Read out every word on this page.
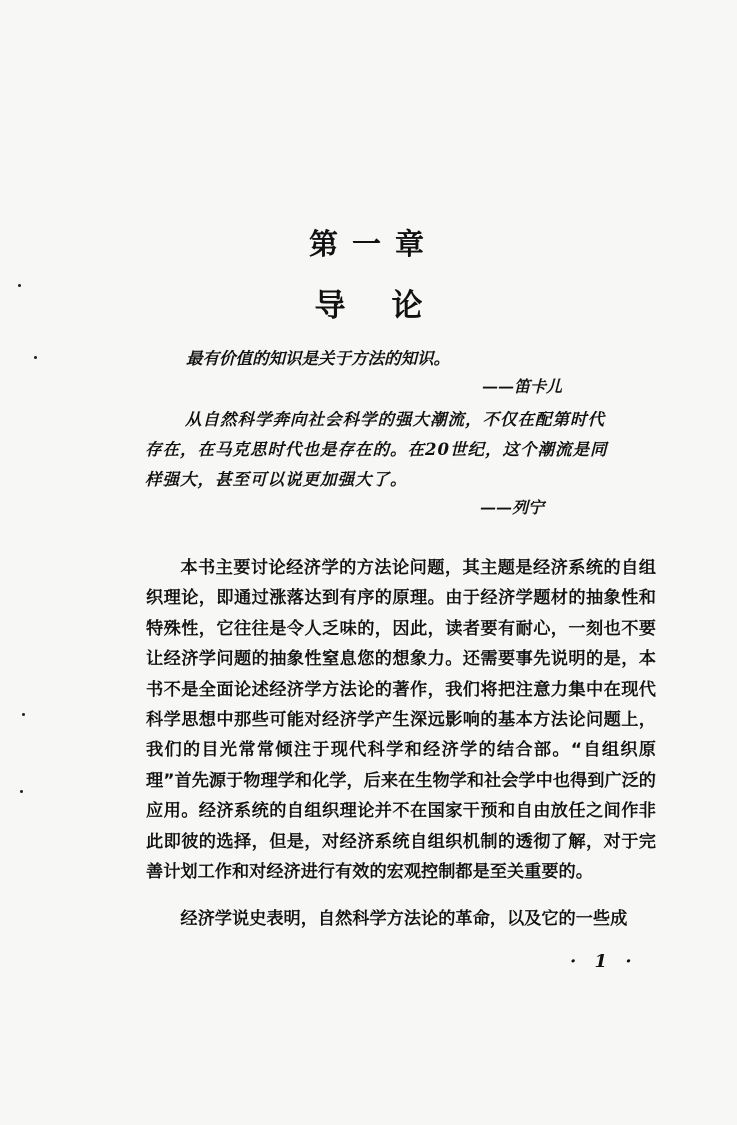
第一章
导论
最有价值的知识是关于方法的知识。
——笛卡儿
从自然科学奔向社会科学的强大潮流，不仅在配第时代存在，在马克思时代也是存在的。在20世纪，这个潮流是同样强大，甚至可以说更加强大了。
——列宁
本书主要讨论经济学的方法论问题，其主题是经济系统的自组织理论，即通过涨落达到有序的原理。由于经济学题材的抽象性和特殊性，它往往是令人乏味的，因此，读者要有耐心，一刻也不要让经济学问题的抽象性窒息您的想象力。还需要事先说明的是，本书不是全面论述经济学方法论的著作，我们将把注意力集中在现代科学思想中那些可能对经济学产生深远影响的基本方法论问题上，我们的目光常常倾注于现代科学和经济学的结合部。“自组织原理”首先源于物理学和化学，后来在生物学和社会学中也得到广泛的应用。经济系统的自组织理论并不在国家干预和自由放任之间作非此即彼的选择，但是，对经济系统自组织机制的透彻了解，对于完善计划工作和对经济进行有效的宏观控制都是至关重要的。
经济学说史表明，自然科学方法论的革命，以及它的一些成
· 1 ·
